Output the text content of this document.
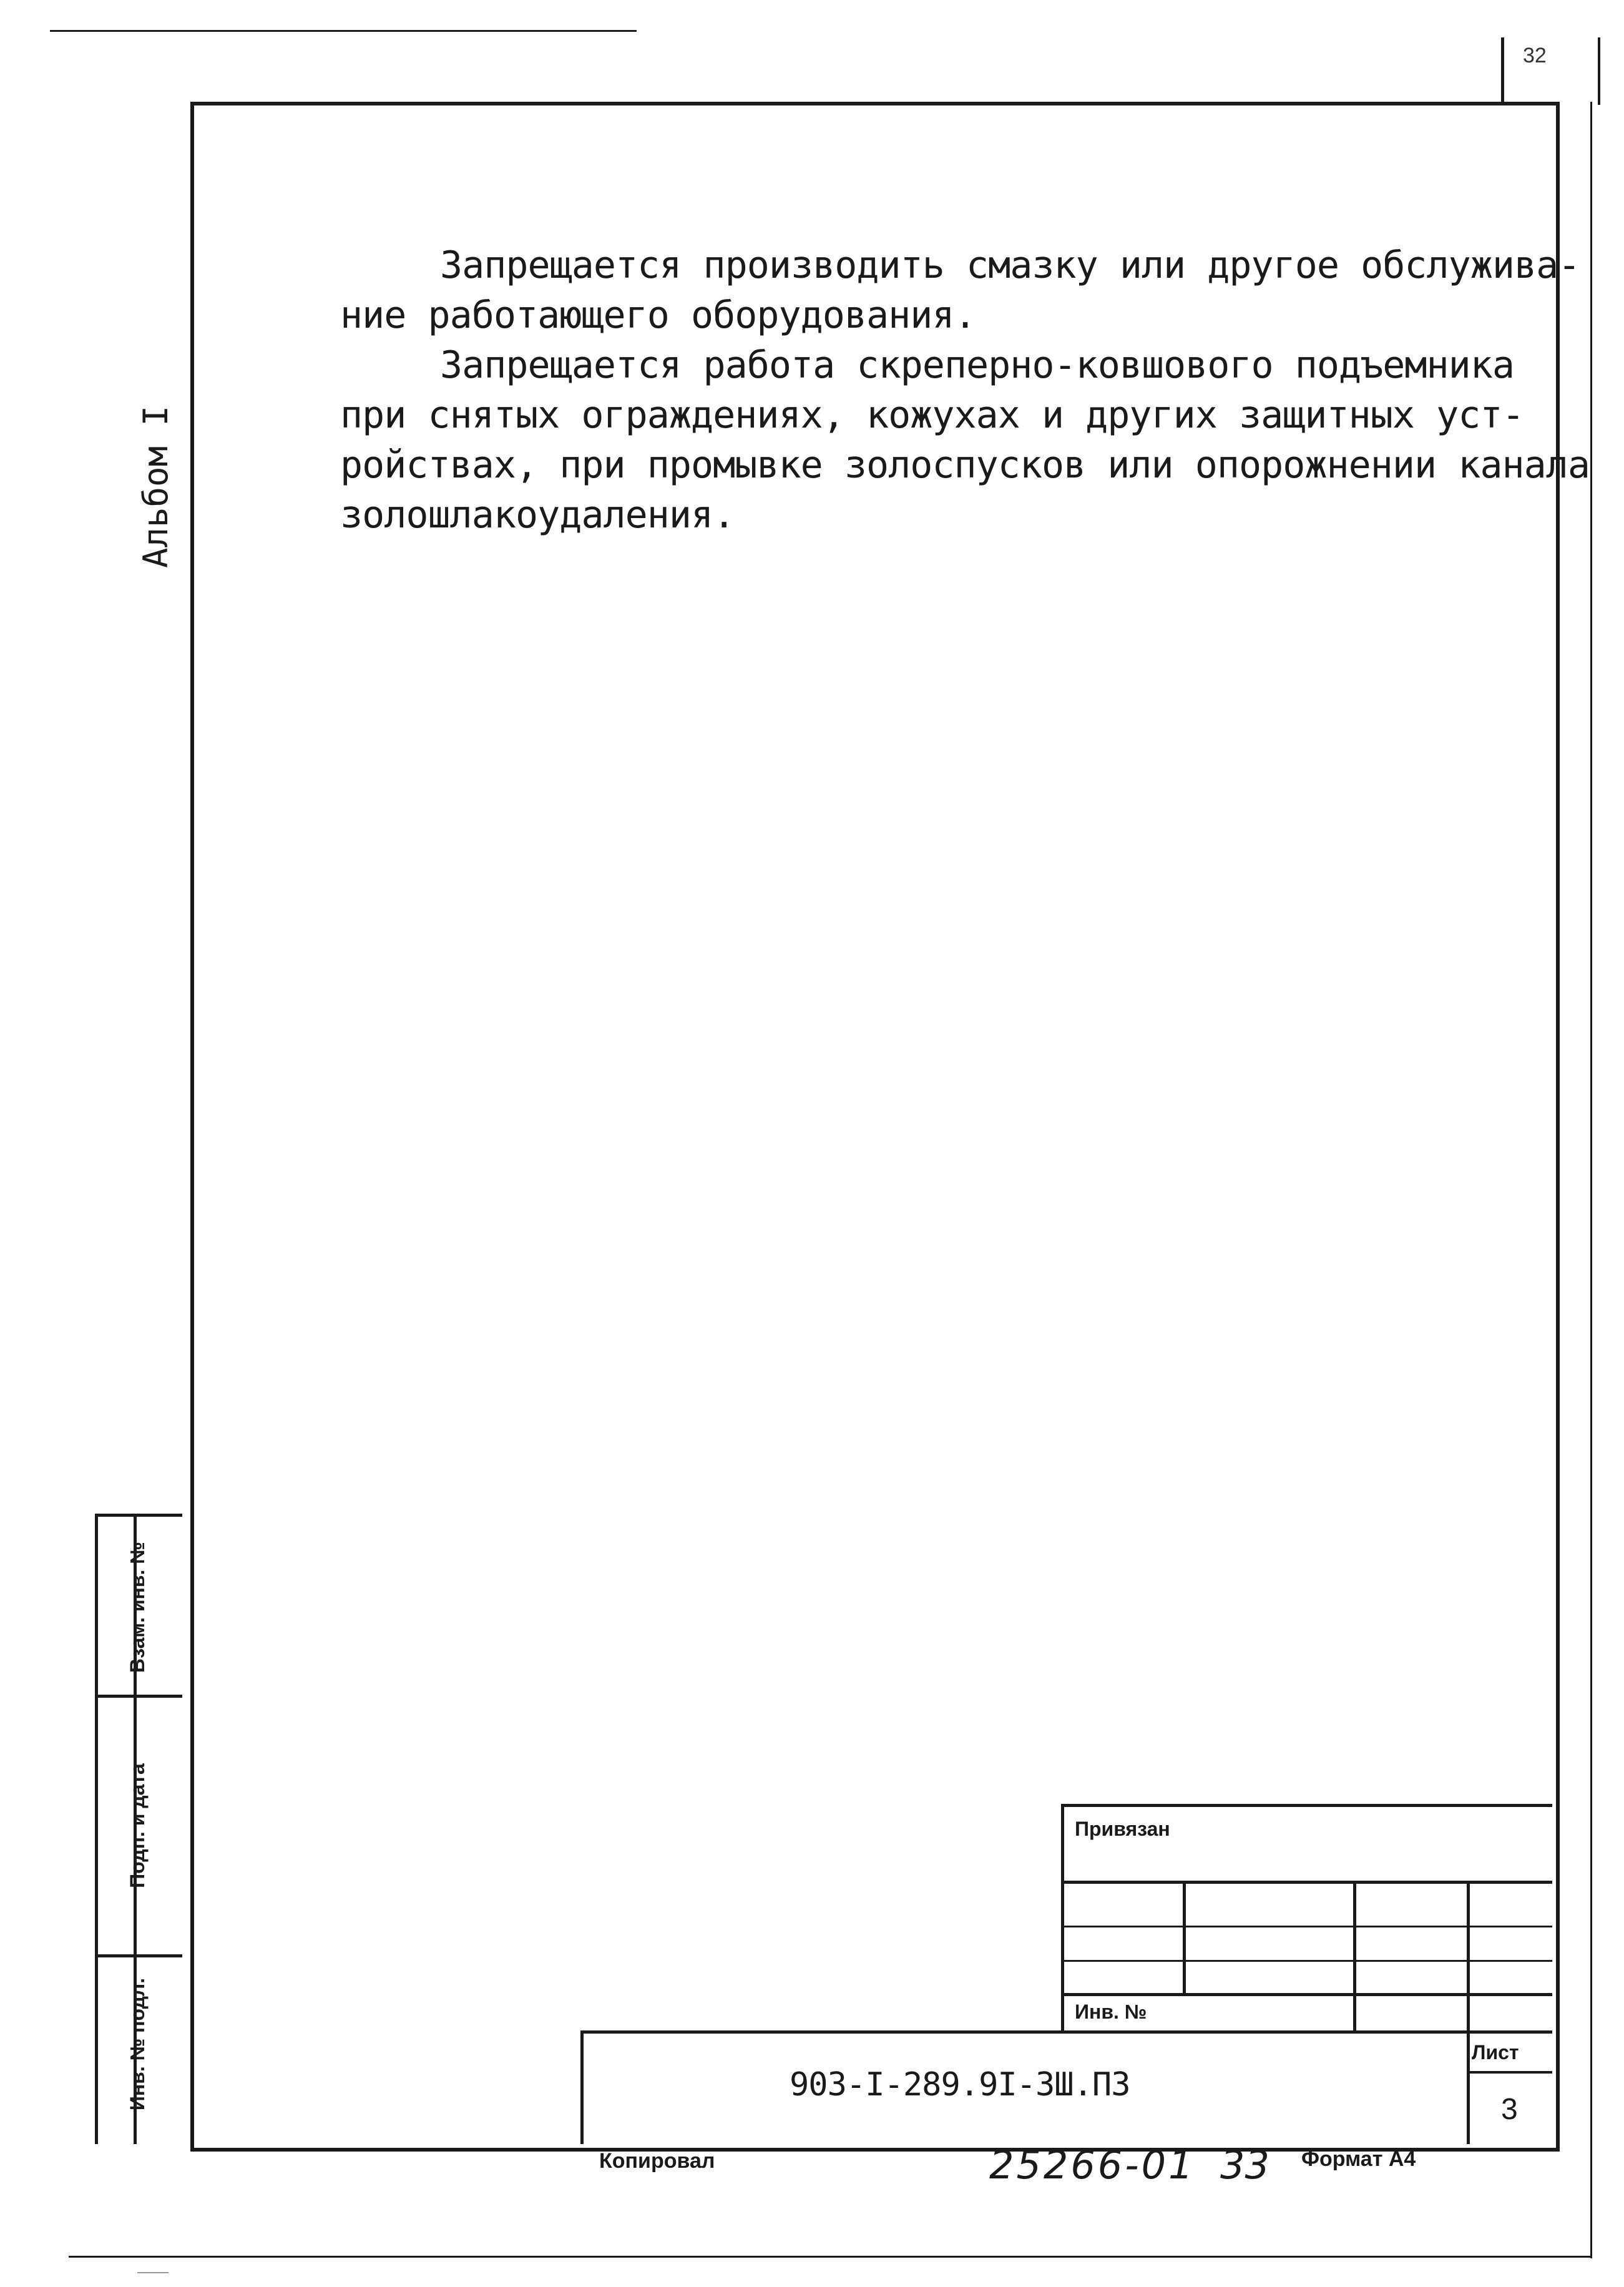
32
Альбом I

Запрещается производить смазку или другое обслужива-

ние работающего оборудования.

Запрещается работа скреперно-ковшового подъемника

при снятых ограждениях, кожухах и других защитных уст-

ройствах, при промывке золоспусков или опорожнении канала

золошлакоудаления.

Взам. инв. №
Подп. и дата
Инв. № подл.
Привязан
Инв. №
903-I-289.9I-ЗШ.ПЗ
Лист
3
Копировал	25266-01 33 Формат А4
